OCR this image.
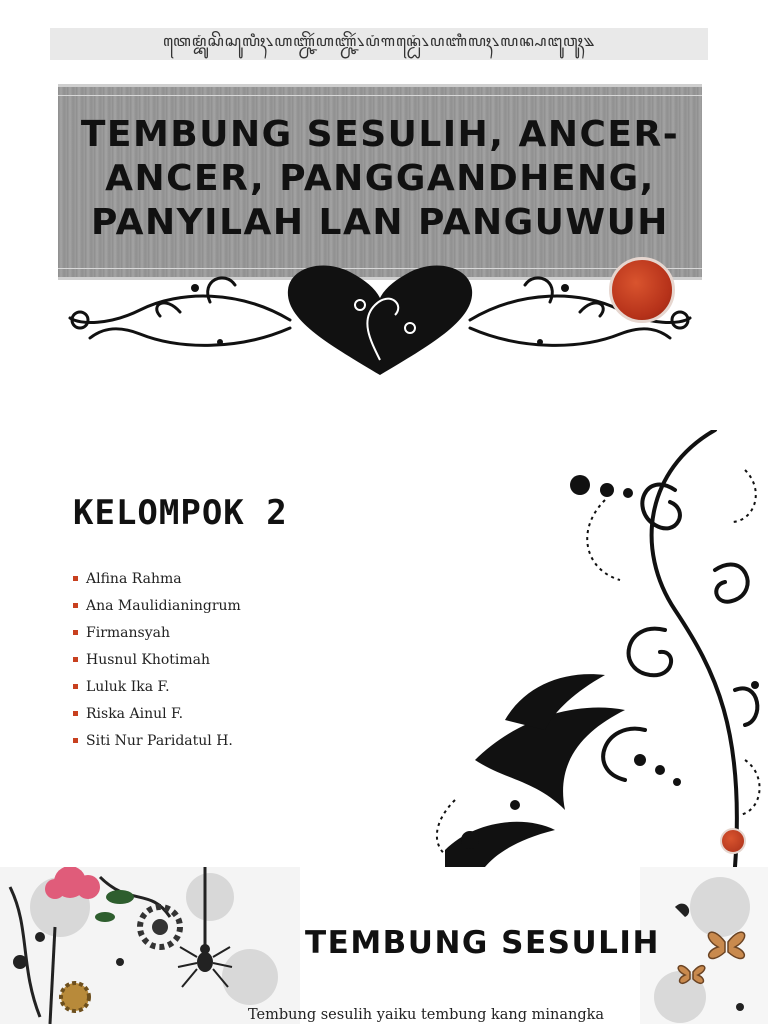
ꦠꦺꦩ꧀ꦧꦸꦁꦱꦼꦱꦸꦭꦶꦃ꧈ꦲꦚ꧀ꦕꦼꦂꦲꦚ꧀ꦕꦼꦂ꧈ꦥꦁꦒꦤ꧀ꦝꦺꦁ꧈ꦥꦚꦶꦭꦃ꧈ꦭꦤ꧀ꦥꦔꦸꦮꦸꦃ꧉
TEMBUNG SESULIH, ANCER-
ANCER, PANGGANDHENG,
PANYILAH LAN PANGUWUH
KELOMPOK 2
Alfina Rahma
Ana Maulidianingrum
Firmansyah
Husnul Khotimah
Luluk Ika F.
Riska Ainul F.
Siti Nur Paridatul H.
TEMBUNG SESULIH

Tembung sesulih yaiku tembung kang minangka
